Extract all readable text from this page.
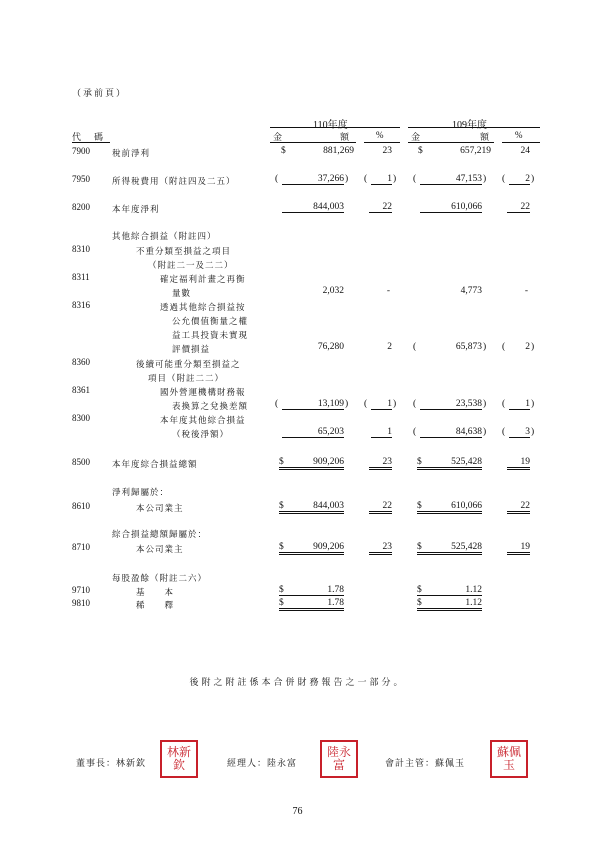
（承前頁）
110年度	109年度
代　碼	金	額	%	金	額	%
7900	稅前淨利	$	881,269	23	$	657,219	24
7950	所得稅費用（附註四及二五）	(	37,266 ) (	1 ) (	47,153 ) (	2 )
8200	本年度淨利	844,003	22	610,066	22
其他綜合損益（附註四）
8310	不重分類至損益之項目
（附註二一及二二）
8311	確定福利計畫之再衡
量數	2,032	-	4,773	-
8316	透過其他綜合損益按
公允價值衡量之權
益工具投資未實現
評價損益	76,280	2 (	65,873 ) (	2 )
8360	後續可能重分類至損益之
項目（附註二二）
8361	國外營運機構財務報
表換算之兌換差額	(	13,109 ) (	1 ) (	23,538 ) (	1 )
8300	本年度其他綜合損益
（稅後淨額）	65,203	1 (	84,638 ) (	3 )
8500	本年度綜合損益總額	$	909,206	23	$	525,428	19
淨利歸屬於：
8610	本公司業主	$	844,003	22	$	610,066	22
綜合損益總額歸屬於：
8710	本公司業主	$	909,206	23	$	525,428	19
每股盈餘（附註二六）
9710	基　　本	$	1.78	$	1.12
9810	稀　　釋	$	1.78	$	1.12
後附之附註係本合併財務報告之一部分。
董事長：林新欽
林新欽	經理人：陸永富
陸永富	會計主管：蘇佩玉
蘇佩玉
76
